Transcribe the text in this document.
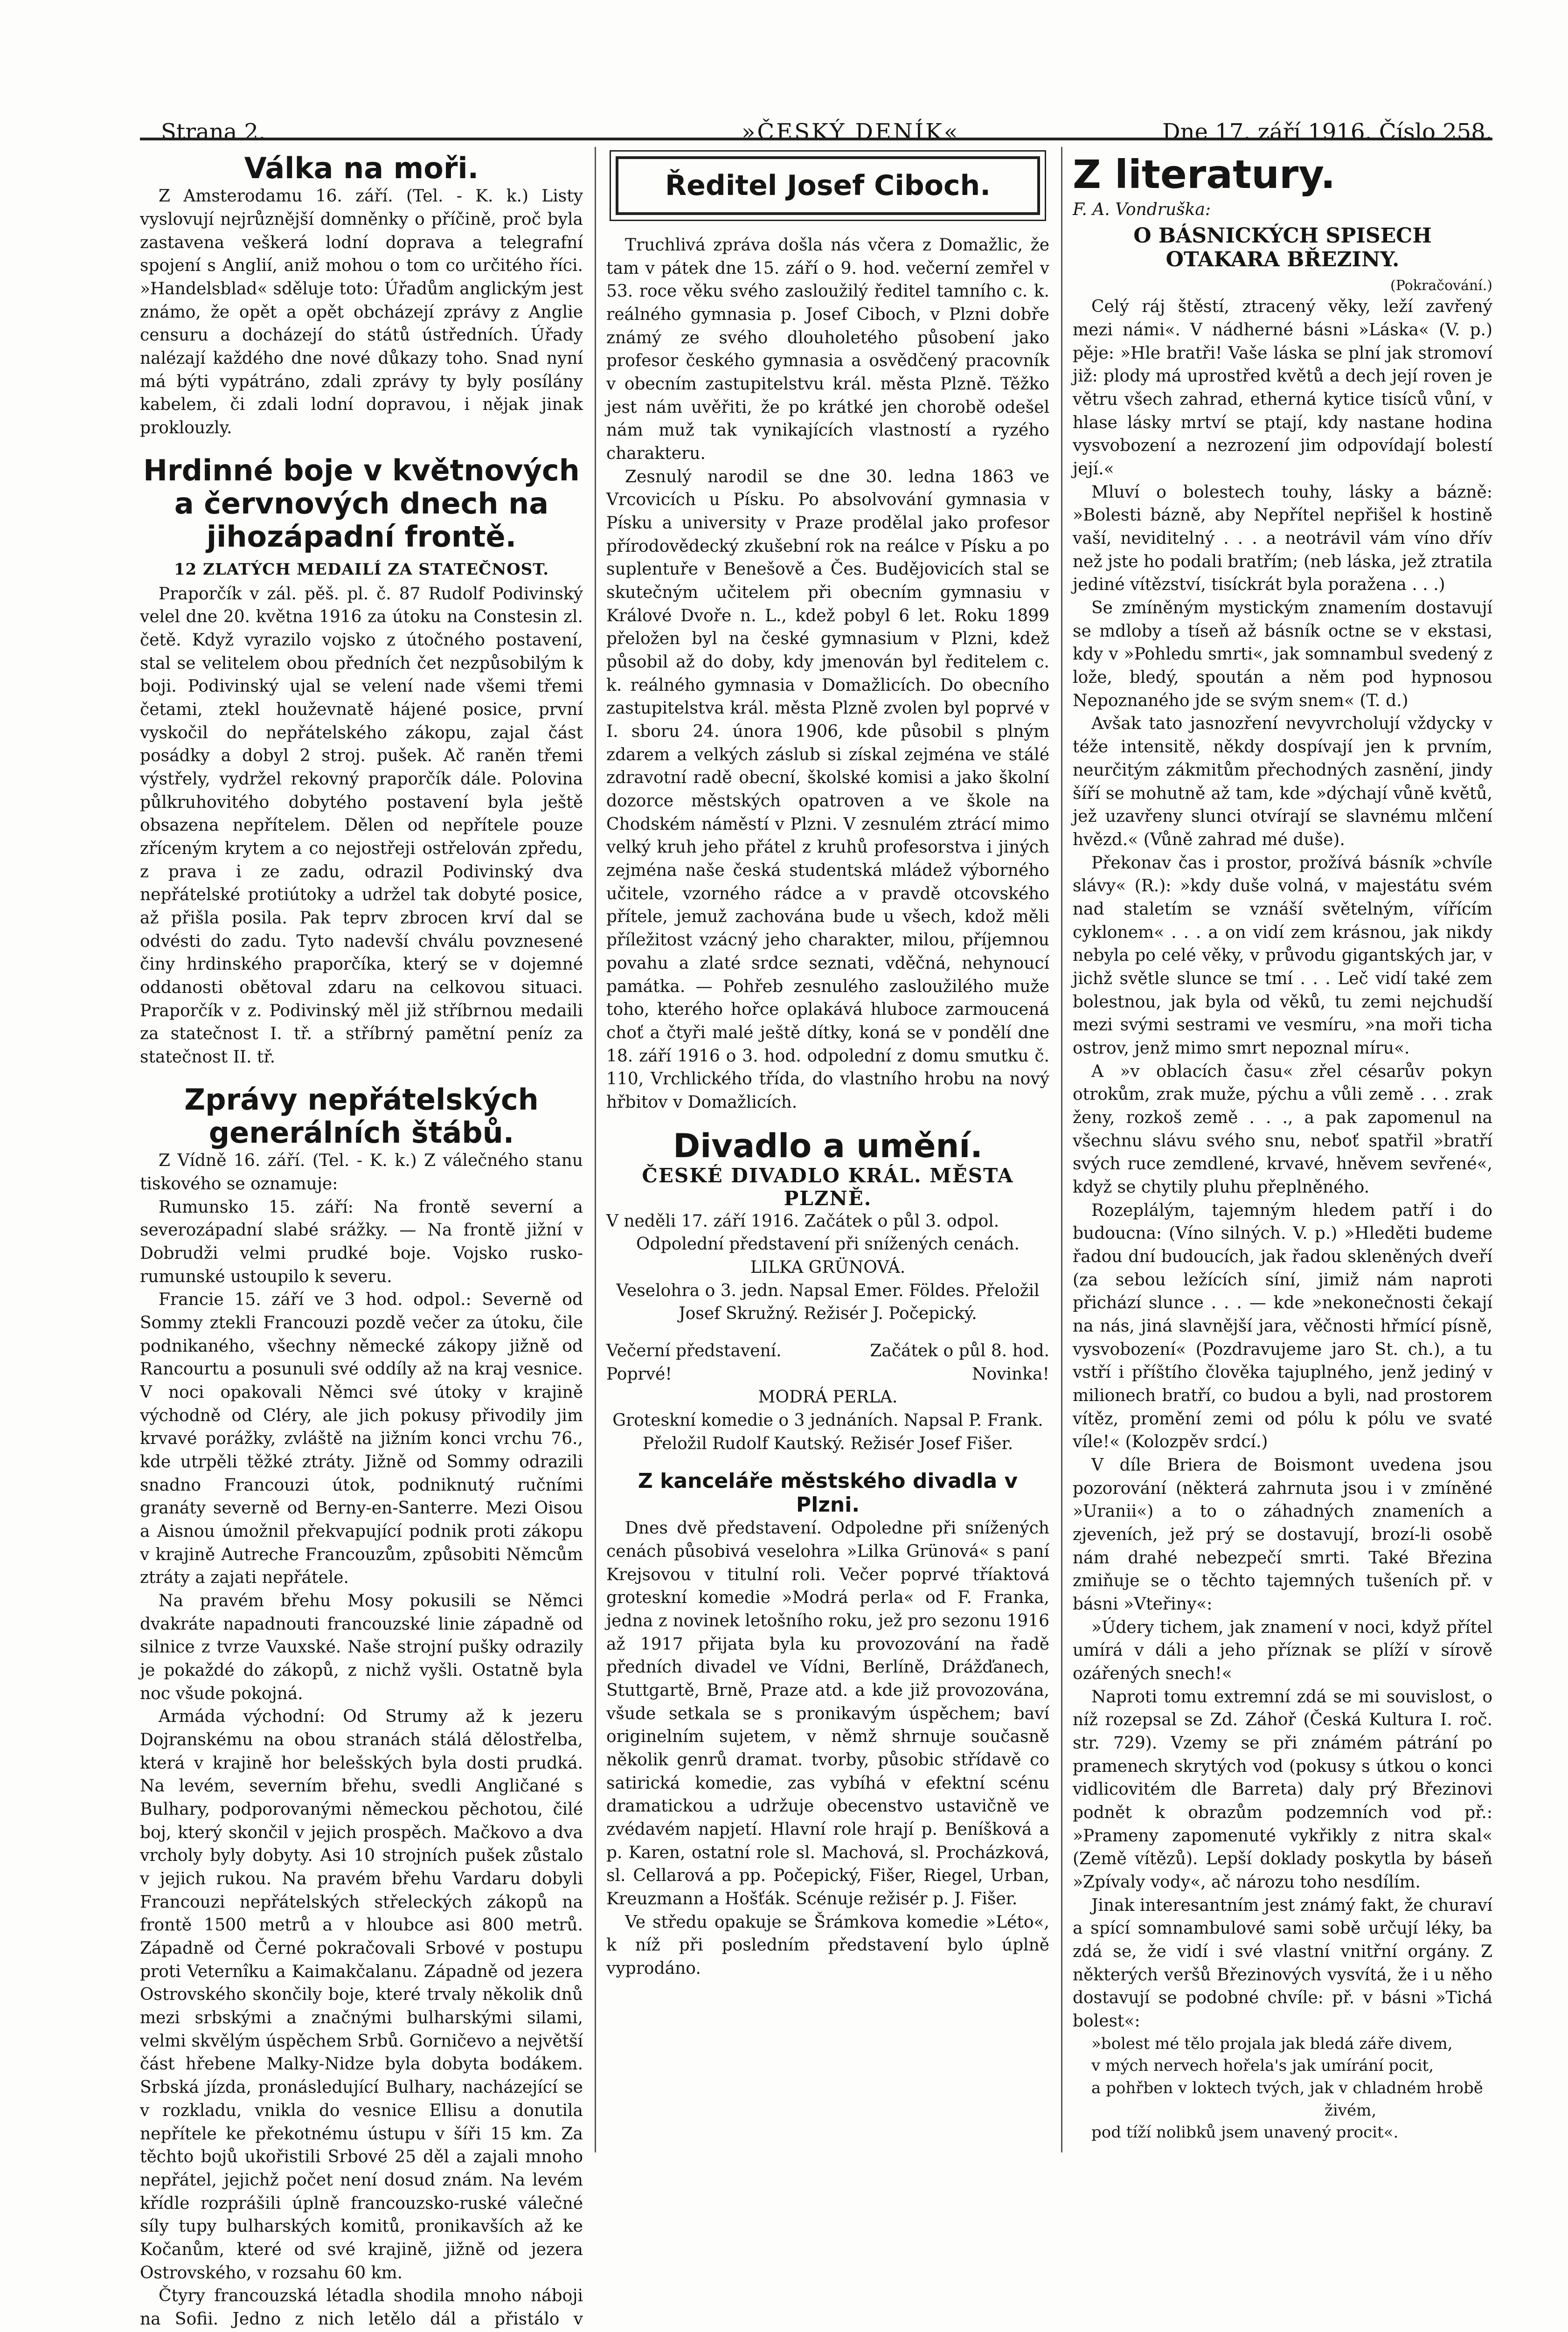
Strana 2.	»ČESKÝ DENÍK«	Dne 17. září 1916. Číslo 258.
Válka na moři.

Z Amsterodamu 16. září. (Tel. - K. k.) Listy vyslovují nejrůznější domněnky o příčině, proč byla zastavena veškerá lodní doprava a telegrafní spojení s Anglií, aniž mohou o tom co určitého říci. »Handelsblad« sděluje toto: Úřadům anglickým jest známo, že opět a opět obcházejí zprávy z Anglie censuru a docházejí do států ústředních. Úřady nalézají každého dne nové důkazy toho. Snad nyní má býti vypátráno, zdali zprávy ty byly posílány kabelem, či zdali lodní dopravou, i nějak jinak proklouzly.

Hrdinné boje v květnových a červnových dnech na jihozápadní frontě.
12 ZLATÝCH MEDAILÍ ZA STATEČNOST.

Praporčík v zál. pěš. pl. č. 87 Rudolf Podivinský velel dne 20. května 1916 za útoku na Constesin zl. četě. Když vyrazilo vojsko z útočného postavení, stal se velitelem obou předních čet nezpůsobilým k boji. Podivinský ujal se velení nade všemi třemi četami, ztekl houževnatě hájené posice, první vyskočil do nepřátelského zákopu, zajal část posádky a dobyl 2 stroj. pušek. Ač raněn třemi výstřely, vydržel rekovný praporčík dále. Polovina půlkruhovitého dobytého postavení byla ještě obsazena nepřítelem. Dělen od nepřítele pouze zříceným krytem a co nejostřeji ostřelován zpředu, z prava i ze zadu, odrazil Podivinský dva nepřátelské protiútoky a udržel tak dobyté posice, až přišla posila. Pak teprv zbrocen krví dal se odvésti do zadu. Tyto nadevší chválu povznesené činy hrdinského praporčíka, který se v dojemné oddanosti obětoval zdaru na celkovou situaci. Praporčík v z. Podivinský měl již stříbrnou medaili za statečnost I. tř. a stříbrný pamětní peníz za statečnost II. tř.

Zprávy nepřátelských generálních štábů.

Z Vídně 16. září. (Tel. - K. k.) Z válečného stanu tiskového se oznamuje:

Rumunsko 15. září: Na frontě severní a severozápadní slabé srážky. — Na frontě jižní v Dobrudži velmi prudké boje. Vojsko rusko-rumunské ustoupilo k severu.

Francie 15. září ve 3 hod. odpol.: Severně od Sommy ztekli Francouzi pozdě večer za útoku, čile podnikaného, všechny německé zákopy jižně od Rancourtu a posunuli své oddíly až na kraj vesnice. V noci opakovali Němci své útoky v krajině východně od Cléry, ale jich pokusy přivodily jim krvavé porážky, zvláště na jižním konci vrchu 76., kde utrpěli těžké ztráty. Jižně od Sommy odrazili snadno Francouzi útok, podniknutý ručními granáty severně od Berny-en-Santerre. Mezi Oisou a Aisnou úmožnil překvapující podnik proti zákopu v krajině Autreche Francouzům, způsobiti Němcům ztráty a zajati nepřátele.

Na pravém břehu Mosy pokusili se Němci dvakráte napadnouti francouzské linie západně od silnice z tvrze Vauxské. Naše strojní pušky odrazily je pokaždé do zákopů, z nichž vyšli. Ostatně byla noc všude pokojná.

Armáda východní: Od Strumy až k jezeru Dojranskému na obou stranách stálá dělostřelba, která v krajině hor belešských byla dosti prudká. Na levém, severním břehu, svedli Angličané s Bulhary, podporovanými německou pěchotou, čilé boj, který skončil v jejich prospěch. Mačkovo a dva vrcholy byly dobyty. Asi 10 strojních pušek zůstalo v jejich rukou. Na pravém břehu Vardaru dobyli Francouzi nepřátelských střeleckých zákopů na frontě 1500 metrů a v hloubce asi 800 metrů. Západně od Černé pokračovali Srbové v postupu proti Veternîku a Kaimakčalanu. Západně od jezera Ostrovského skončily boje, které trvaly několik dnů mezi srbskými a značnými bulharskými silami, velmi skvělým úspěchem Srbů. Gorničevo a největší část hřebene Malky-Nidze byla dobyta bodákem. Srbská jízda, pronásledující Bulhary, nacházející se v rozkladu, vnikla do vesnice Ellisu a donutila nepřítele ke překotnému ústupu v šíři 15 km. Za těchto bojů ukořistili Srbové 25 děl a zajali mnoho nepřátel, jejichž počet není dosud znám. Na levém křídle rozprášili úplně francouzsko-ruské válečné síly tupy bulharských komitů, pronikavších až ke Kočanům, které od své krajině, jižně od jezera Ostrovského, v rozsahu 60 km.

Čtyry francouzská létadla shodila mnoho náboji na Sofii. Jedno z nich letělo dál a přistálo v

Ředitel Josef Ciboch.

Truchlivá zpráva došla nás včera z Domažlic, že tam v pátek dne 15. září o 9. hod. večerní zemřel v 53. roce věku svého zasloužilý ředitel tamního c. k. reálného gymnasia p. Josef Ciboch, v Plzni dobře známý ze svého dlouholetého působení jako profesor českého gymnasia a osvědčený pracovník v obecním zastupitelstvu král. města Plzně. Těžko jest nám uvěřiti, že po krátké jen chorobě odešel nám muž tak vynikajících vlastností a ryzého charakteru.

Zesnulý narodil se dne 30. ledna 1863 ve Vrcovicích u Písku. Po absolvování gymnasia v Písku a university v Praze prodělal jako profesor přírodovědecký zkušební rok na reálce v Písku a po suplentuře v Benešově a Čes. Budějovicích stal se skutečným učitelem při obecním gymnasiu v Králové Dvoře n. L., kdež pobyl 6 let. Roku 1899 přeložen byl na české gymnasium v Plzni, kdež působil až do doby, kdy jmenován byl ředitelem c. k. reálného gymnasia v Domažlicích. Do obecního zastupitelstva král. města Plzně zvolen byl poprvé v I. sboru 24. února 1906, kde působil s plným zdarem a velkých záslub si získal zejména ve stálé zdravotní radě obecní, školské komisi a jako školní dozorce městských opatroven a ve škole na Chodském náměstí v Plzni. V zesnulém ztrácí mimo velký kruh jeho přátel z kruhů profesorstva i jiných zejména naše česká studentská mládež výborného učitele, vzorného rádce a v pravdě otcovského přítele, jemuž zachována bude u všech, kdož měli příležitost vzácný jeho charakter, milou, příjemnou povahu a zlaté srdce seznati, vděčná, nehynoucí památka. — Pohřeb zesnulého zasloužilého muže toho, kterého hořce oplakává hluboce zarmoucená choť a čtyři malé ještě dítky, koná se v pondělí dne 18. září 1916 o 3. hod. odpolední z domu smutku č. 110, Vrchlického třída, do vlastního hrobu na nový hřbitov v Domažlicích.

Divadlo a umění.
ČESKÉ DIVADLO KRÁL. MĚSTA PLZNĚ.

V neděli 17. září 1916. Začátek o půl 3. odpol.

Odpolední představení při snížených cenách.

LILKA GRÜNOVÁ.

Veselohra o 3. jedn. Napsal Emer. Földes. Přeložil Josef Skružný. Režisér J. Počepický.

Večerní představení.	Začátek o půl 8. hod.

Poprvé!	Novinka!

MODRÁ PERLA.

Groteskní komedie o 3 jednáních. Napsal P. Frank. Přeložil Rudolf Kautský. Režisér Josef Fišer.

Z kanceláře městského divadla v Plzni.

Dnes dvě představení. Odpoledne při snížených cenách působivá veselohra »Lilka Grünová« s paní Krejsovou v titulní roli. Večer poprvé tříaktová groteskní komedie »Modrá perla« od F. Franka, jedna z novinek letošního roku, jež pro sezonu 1916 až 1917 přijata byla ku provozování na řadě předních divadel ve Vídni, Berlíně, Drážďanech, Stuttgartě, Brně, Praze atd. a kde již provozována, všude setkala se s pronikavým úspěchem; baví originelním sujetem, v němž shrnuje současně několik genrů dramat. tvorby, působic střídavě co satirická komedie, zas vybíhá v efektní scénu dramatickou a udržuje obecenstvo ustavičně ve zvédavém napjetí. Hlavní role hrají p. Beníšková a p. Karen, ostatní role sl. Machová, sl. Procházková, sl. Cellarová a pp. Počepický, Fišer, Riegel, Urban, Kreuzmann a Hošťák. Scénuje režisér p. J. Fišer.

Ve středu opakuje se Šrámkova komedie »Léto«, k níž při posledním představení bylo úplně vyprodáno.

Z literatury.
F. A. Vondruška:
O BÁSNICKÝCH SPISECH OTAKARA BŘEZINY.

(Pokračování.)

Celý ráj štěstí, ztracený věky, leží zavřený mezi námi«. V nádherné básni »Láska« (V. p.) pěje: »Hle bratři! Vaše láska se plní jak stromoví již: plody má uprostřed květů a dech její roven je větru všech zahrad, etherná kytice tisíců vůní, v hlase lásky mrtví se ptají, kdy nastane hodina vysvobození a nezrození jim odpovídají bolestí její.«

Mluví o bolestech touhy, lásky a bázně: »Bolesti bázně, aby Nepřítel nepřišel k hostině vaší, neviditelný . . . a neotrávil vám víno dřív než jste ho podali bratřím; (neb láska, jež ztratila jediné vítězství, tisíckrát byla poražena . . .)

Se zmíněným mystickým znamením dostavují se mdloby a tíseň až básník octne se v ekstasi, kdy v »Pohledu smrti«, jak somnambul svedený z lože, bledý, spoután a něm pod hypnosou Nepoznaného jde se svým snem« (T. d.)

Avšak tato jasnozření nevyvrcholují vždycky v téže intensitě, někdy dospívají jen k prvním, neurčitým zákmitům přechodných zasnění, jindy šíří se mohutně až tam, kde »dýchají vůně květů, jež uzavřeny slunci otvírají se slavnému mlčení hvězd.« (Vůně zahrad mé duše).

Překonav čas i prostor, prožívá básník »chvíle slávy« (R.): »kdy duše volná, v majestátu svém nad staletím se vznáší světelným, vířícím cyklonem« . . . a on vidí zem krásnou, jak nikdy nebyla po celé věky, v průvodu gigantských jar, v jichž světle slunce se tmí . . . Leč vidí také zem bolestnou, jak byla od věků, tu zemi nejchudší mezi svými sestrami ve vesmíru, »na moři ticha ostrov, jenž mimo smrt nepoznal míru«.

A »v oblacích času« zřel césarův pokyn otrokům, zrak muže, pýchu a vůli země . . . zrak ženy, rozkoš země . . ., a pak zapomenul na všechnu slávu svého snu, neboť spatřil »bratří svých ruce zemdlené, krvavé, hněvem sevřené«, když se chytily pluhu přeplněného.

Rozeplálým, tajemným hledem patří i do budoucna: (Víno silných. V. p.) »Hleděti budeme řadou dní budoucích, jak řadou skleněných dveří (za sebou ležících síní, jimiž nám naproti přichází slunce . . . — kde »nekonečnosti čekají na nás, jiná slavnější jara, věčnosti hřmící písně, vysvobození« (Pozdravujeme jaro St. ch.), a tu vstří i příštího člověka tajuplného, jenž jediný v milionech bratří, co budou a byli, nad prostorem vítěz, promění zemi od pólu k pólu ve svaté víle!« (Kolozpěv srdcí.)

V díle Briera de Boismont uvedena jsou pozorování (některá zahrnuta jsou i v zmíněné »Uranii«) a to o záhadných znameních a zjeveních, jež prý se dostavují, brozí-li osobě nám drahé nebezpečí smrti. Také Březina zmiňuje se o těchto tajemných tušeních př. v básni »Vteřiny«:

»Údery tichem, jak znamení v noci, když přítel umírá v dáli a jeho příznak se plíží v sírově ozářených snech!«

Naproti tomu extremní zdá se mi souvislost, o níž rozepsal se Zd. Záhoř (Česká Kultura I. roč. str. 729). Vzemy se při známém pátrání po pramenech skrytých vod (pokusy s útkou o konci vidlicovitém dle Barreta) daly prý Březinovi podnět k obrazům podzemních vod př.: »Prameny zapomenuté vykřikly z nitra skal« (Země vítězů). Lepší doklady poskytla by báseň »Zpívaly vody«, ač nározu toho nesdílím.

Jinak interesantním jest známý fakt, že churaví a spící somnambulové sami sobě určují léky, ba zdá se, že vidí i své vlastní vnitřní orgány. Z některých veršů Březinových vysvítá, že i u něho dostavují se podobné chvíle: př. v básni »Tichá bolest«:

»bolest mé tělo projala jak bledá záře divem,
v mých nervech hořela's jak umírání pocit,
a pohřben v loktech tvých, jak v chladném hrobě
živém,
pod tíží nolibků jsem unavený procit«.
